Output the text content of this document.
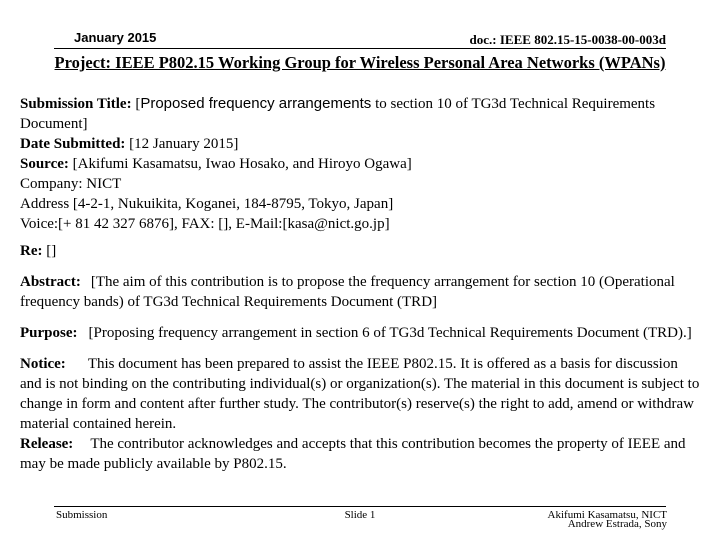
January 2015	doc.: IEEE 802.15-15-0038-00-003d
Project: IEEE P802.15 Working Group for Wireless Personal Area Networks (WPANs)

Submission Title: [Proposed frequency arrangements to section 10 of TG3d Technical Requirements Document]

Date Submitted: [12 January 2015]

Source: [Akifumi Kasamatsu, Iwao Hosako, and Hiroyo Ogawa]

Company: NICT

Address [4-2-1, Nukuikita, Koganei, 184-8795, Tokyo, Japan]

Voice:[+ 81 42 327 6876], FAX: [], E-Mail:[kasa@nict.go.jp]

Re: []

Abstract: [The aim of this contribution is to propose the frequency arrangement for section 10 (Operational frequency bands) of TG3d Technical Requirements Document (TRD]

Purpose: [Proposing frequency arrangement in section 6 of TG3d Technical Requirements Document (TRD).]

Notice: This document has been prepared to assist the IEEE P802.15. It is offered as a basis for discussion and is not binding on the contributing individual(s) or organization(s). The material in this document is subject to change in form and content after further study. The contributor(s) reserve(s) the right to add, amend or withdraw material contained herein.

Release: The contributor acknowledges and accepts that this contribution becomes the property of IEEE and may be made publicly available by P802.15.

Submission	Slide 1	Akifumi Kasamatsu, NICT
Andrew Estrada, Sony
